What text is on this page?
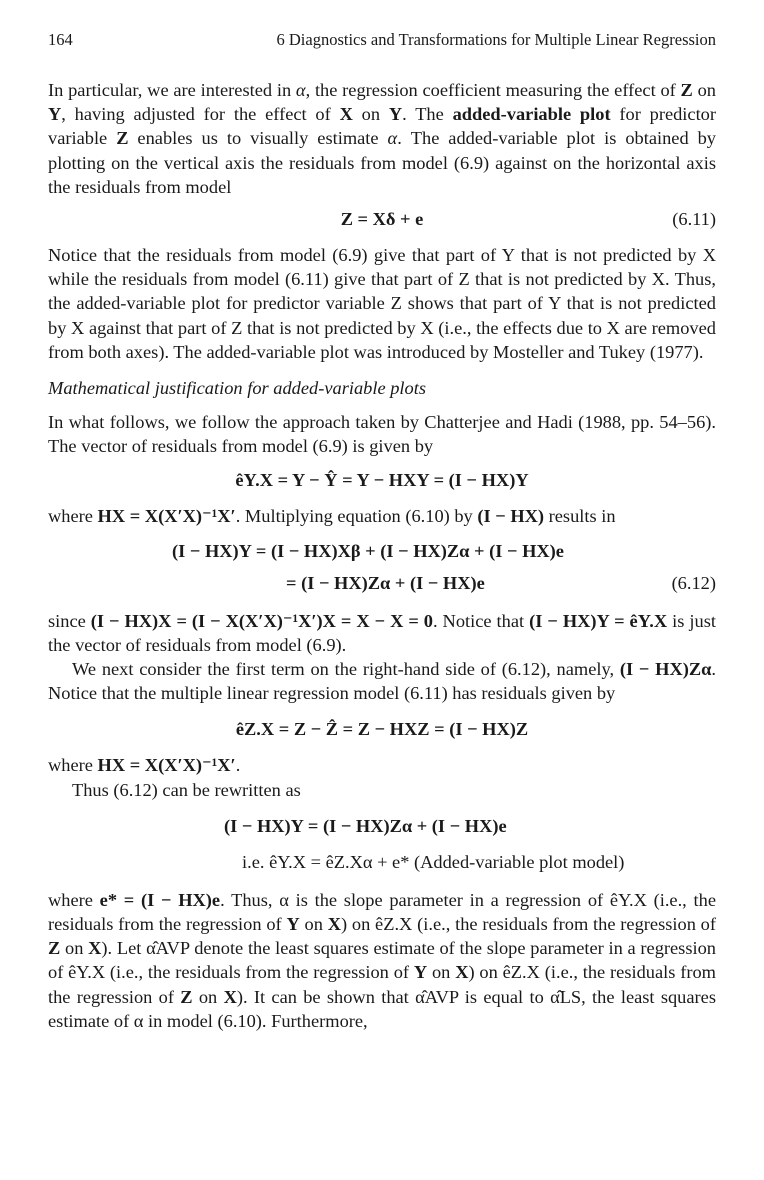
164	6 Diagnostics and Transformations for Multiple Linear Regression

In particular, we are interested in α, the regression coefficient measuring the effect of Z on Y, having adjusted for the effect of X on Y. The added-variable plot for predictor variable Z enables us to visually estimate α. The added-variable plot is obtained by plotting on the vertical axis the residuals from model (6.9) against on the horizontal axis the residuals from model

Z = Xδ + e	(6.11)

Notice that the residuals from model (6.9) give that part of Y that is not predicted by X while the residuals from model (6.11) give that part of Z that is not predicted by X. Thus, the added-variable plot for predictor variable Z shows that part of Y that is not predicted by X against that part of Z that is not predicted by X (i.e., the effects due to X are removed from both axes). The added-variable plot was introduced by Mosteller and Tukey (1977).

Mathematical justification for added-variable plots

In what follows, we follow the approach taken by Chatterjee and Hadi (1988, pp. 54–56). The vector of residuals from model (6.9) is given by

êY.X = Y − Ŷ = Y − HXY = (I − HX)Y

where HX = X(X′X)⁻¹X′. Multiplying equation (6.10) by (I − HX) results in

(I − HX)Y = (I − HX)Xβ + (I − HX)Zα + (I − HX)e
= (I − HX)Zα + (I − HX)e	(6.12)

since (I − HX)X = (I − X(X′X)⁻¹X′)X = X − X = 0. Notice that (I − HX)Y = êY.X is just the vector of residuals from model (6.9).

We next consider the first term on the right-hand side of (6.12), namely, (I − HX)Zα. Notice that the multiple linear regression model (6.11) has residuals given by

êZ.X = Z − Ẑ = Z − HXZ = (I − HX)Z

where HX = X(X′X)⁻¹X′.

Thus (6.12) can be rewritten as

(I − HX)Y = (I − HX)Zα + (I − HX)e
i.e. êY.X = êZ.Xα + e* (Added-variable plot model)

where e* = (I − HX)e. Thus, α is the slope parameter in a regression of êY.X (i.e., the residuals from the regression of Y on X) on êZ.X (i.e., the residuals from the regression of Z on X). Let α̂AVP denote the least squares estimate of the slope parameter in a regression of êY.X (i.e., the residuals from the regression of Y on X) on êZ.X (i.e., the residuals from the regression of Z on X). It can be shown that α̂AVP is equal to α̂LS, the least squares estimate of α in model (6.10). Furthermore,
